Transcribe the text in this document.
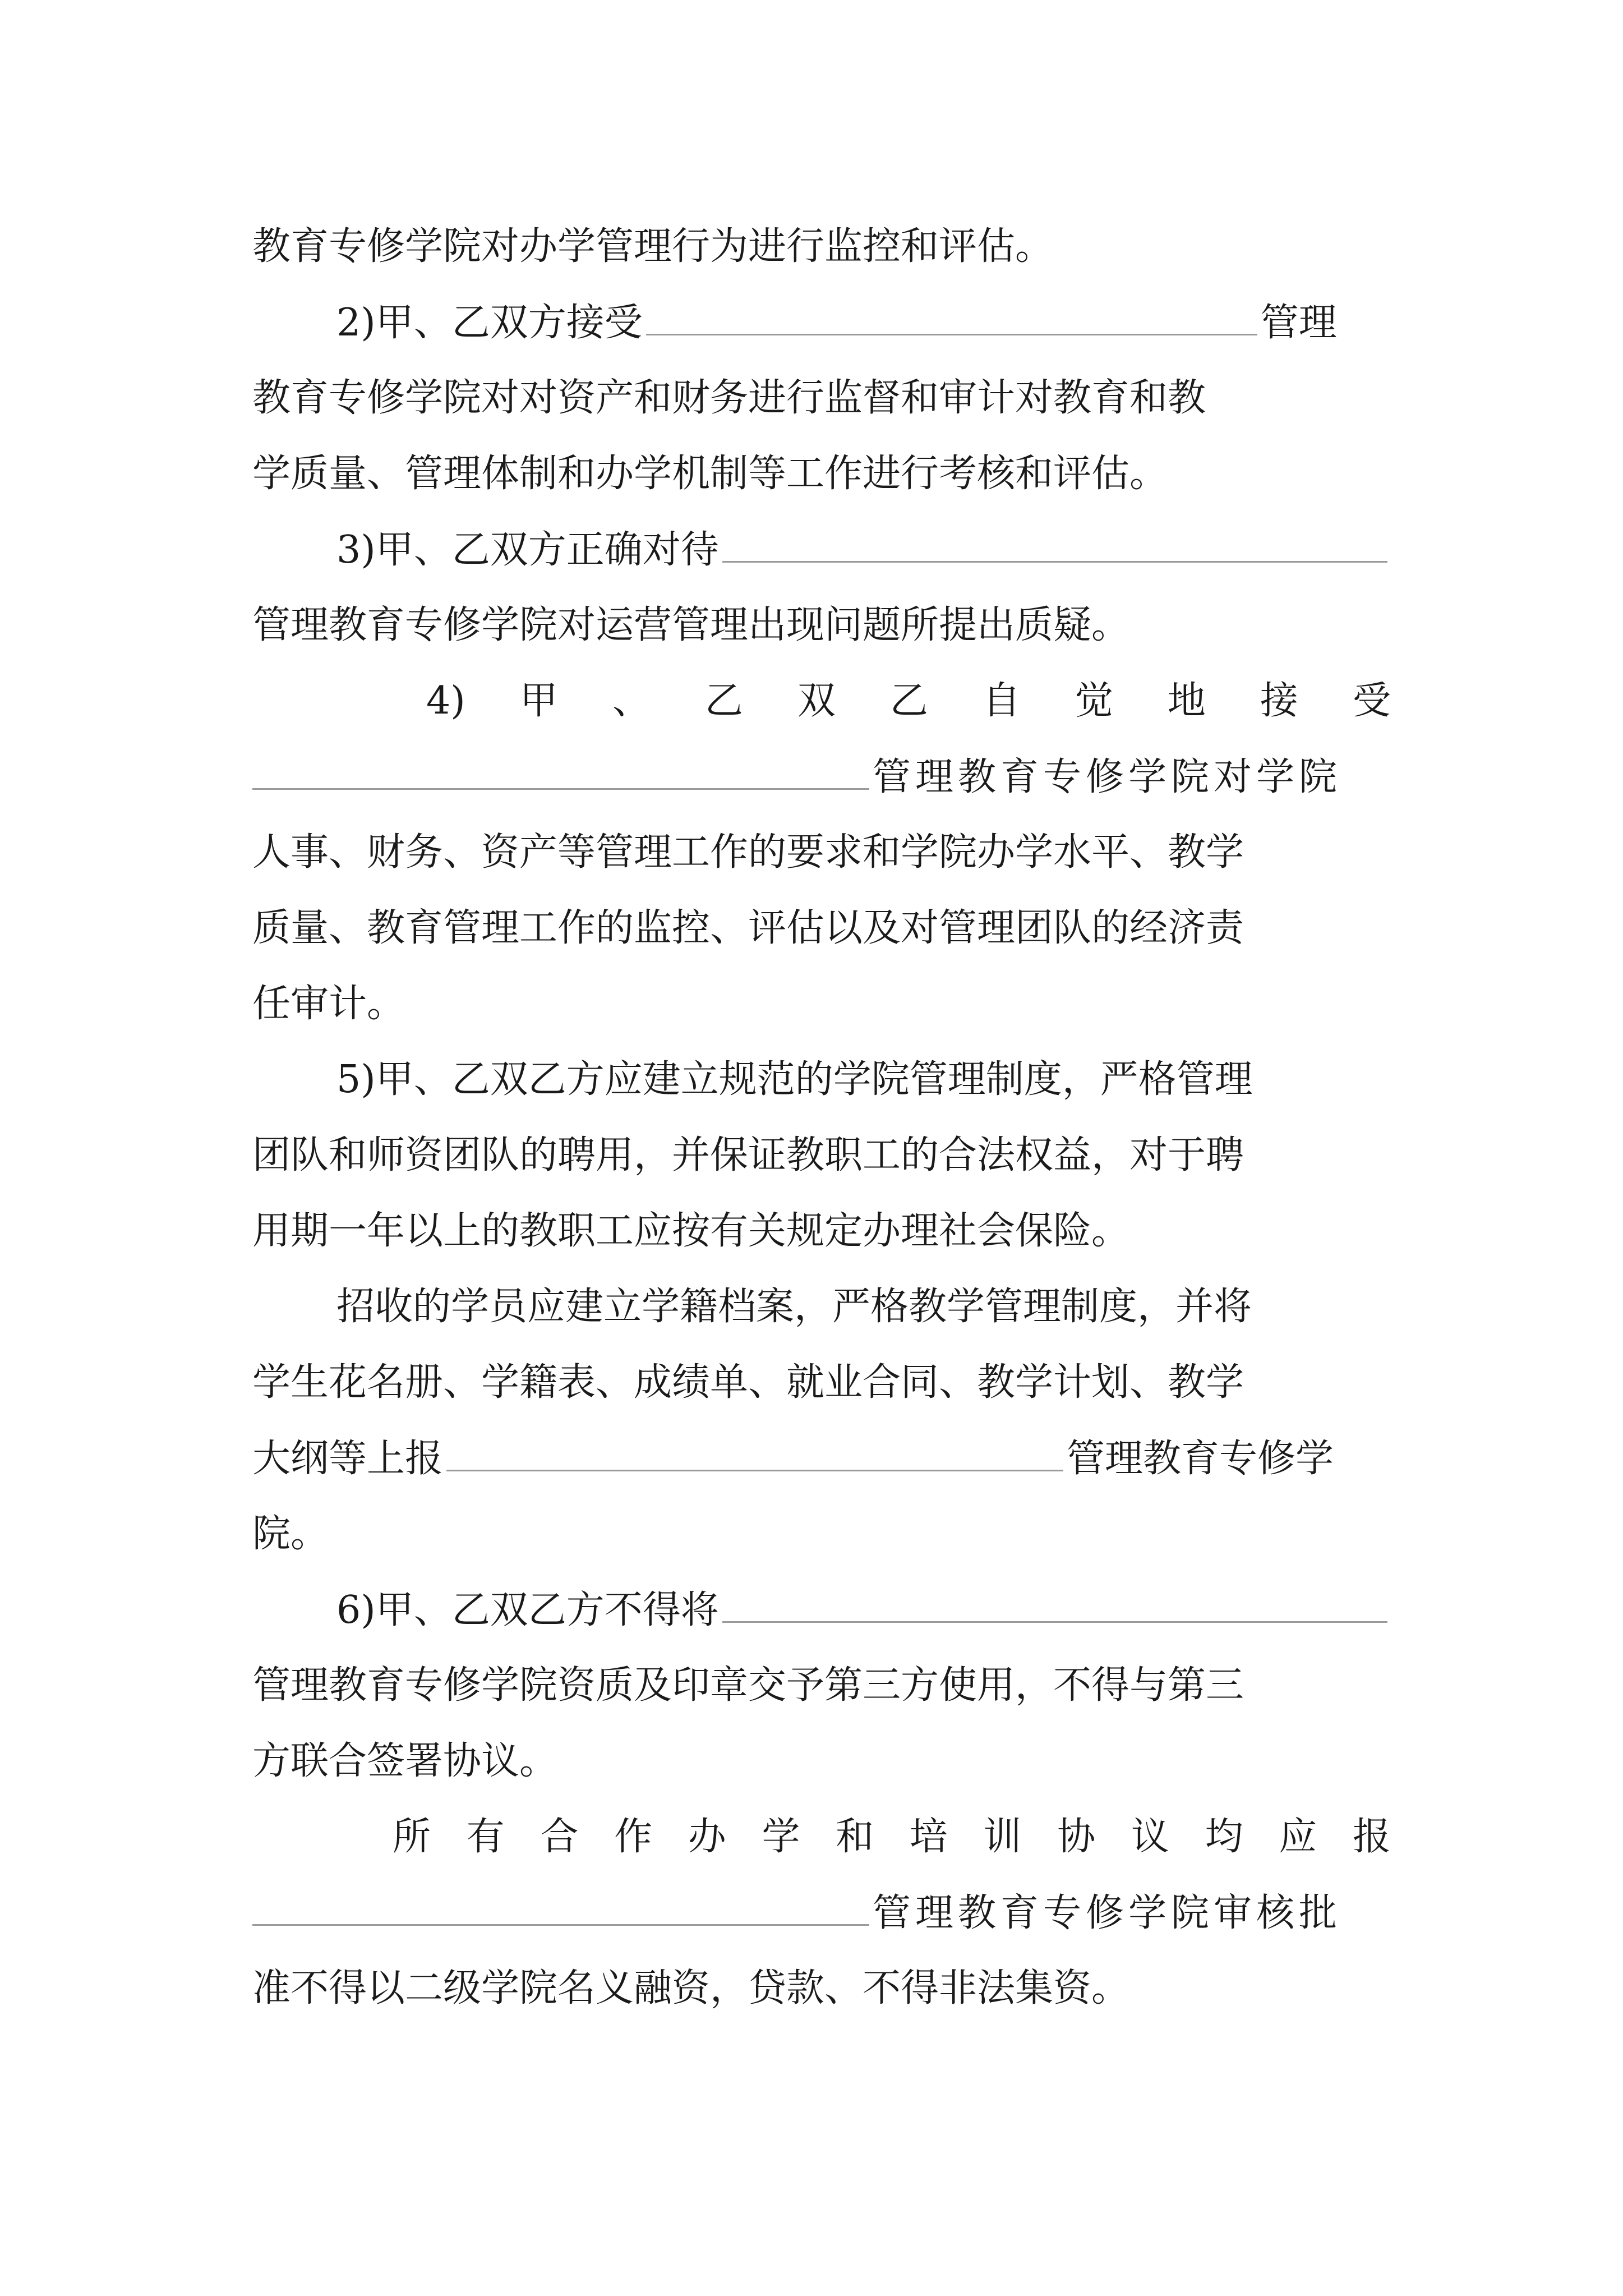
教育专修学院对办学管理行为进行监控和评估。
2)甲、乙双方接受	管理
教育专修学院对对资产和财务进行监督和审计对教育和教
学质量、管理体制和办学机制等工作进行考核和评估。
3)甲、乙双方正确对待
管理教育专修学院对运营管理出现问题所提出质疑。
4) 甲 、 乙 双 乙 自 觉 地 接 受
管理教育专修学院对学院
人事、财务、资产等管理工作的要求和学院办学水平、教学
质量、教育管理工作的监控、评估以及对管理团队的经济责
任审计。
5)甲、乙双乙方应建立规范的学院管理制度，严格管理
团队和师资团队的聘用，并保证教职工的合法权益，对于聘
用期一年以上的教职工应按有关规定办理社会保险。
招收的学员应建立学籍档案，严格教学管理制度，并将
学生花名册、学籍表、成绩单、就业合同、教学计划、教学
大纲等上报	管理教育专修学
院。
6)甲、乙双乙方不得将
管理教育专修学院资质及印章交予第三方使用，不得与第三
方联合签署协议。
所 有 合 作 办 学 和 培 训 协 议 均 应 报
管理教育专修学院审核批
准不得以二级学院名义融资，贷款、不得非法集资。
